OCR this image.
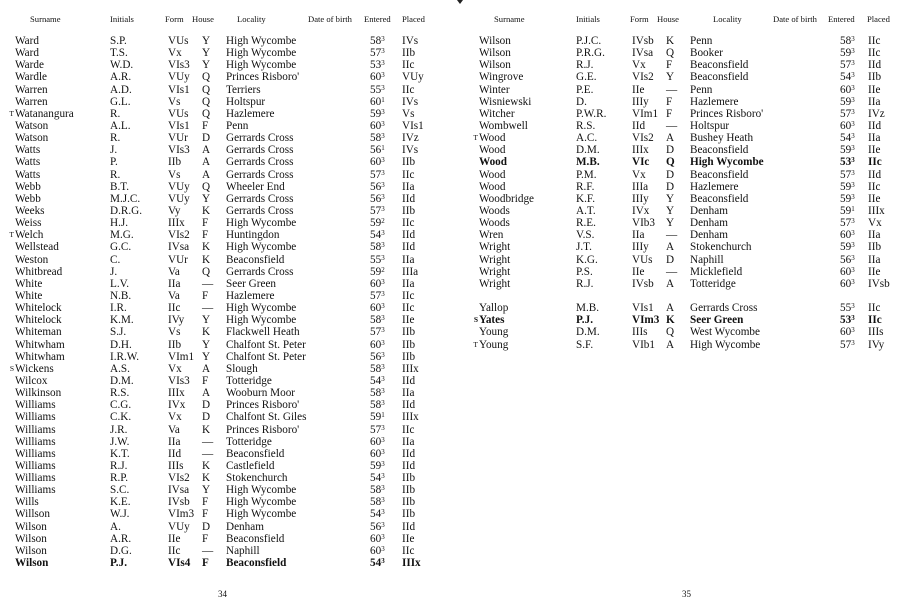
Surname	Initials	Form House	Locality	Date of birth Entered Placed
Ward	S.P.	VUs Y High Wycombe	$58^3$ IVs
Ward	T.S.	Vx Y High Wycombe	$57^3$ IIb
Warde	W.D.	VIs3 Y High Wycombe	$53^3$ IIc
Wardle	A.R.	VUy Q Princes Risboro'	$60^3$ VUy
Warren	A.D.	VIs1 Q Terriers	$55^3$ IIc
Warren	G.L.	Vs Q Holtspur	$60^1$ IVs
T Watanangura	R.	VUs Q Hazlemere	$59^3$ Vs
Watson	A.L.	VIs1 F Penn	$60^3$ VIs1
Watson	R.	VUr D Gerrards Cross	$58^3$ IVz
Watts	J.	VIs3 A Gerrards Cross	$56^1$ IVs
Watts	P.	IIb A Gerrards Cross	$60^3$ IIb
Watts	R.	Vs A Gerrards Cross	$57^3$ IIc
Webb	B.T.	VUy Q Wheeler End	$56^3$ IIa
Webb	M.J.C. VUy Y Gerrards Cross	$56^3$ IId
Weeks	D.R.G. Vy K Gerrards Cross	$57^3$ IIb
Weiss	H.J.	IIIx F High Wycombe	$59^2$ IIc
T Welch	M.G.	VIs2 F Huntingdon	$54^3$ IId
Wellstead	G.C.	IVsa K High Wycombe	$58^3$ IId
Weston	C.	VUr K Beaconsfield	$55^3$ IIa
Whitbread	J.	Va Q Gerrards Cross	$59^2$ IIIa
White	L.V.	IIa — Seer Green	$60^3$ IIa
White	N.B.	Va F Hazlemere	$57^3$ IIc
Whitelock	I.R.	IIc — High Wycombe	$60^3$ IIc
Whitelock	K.M.	IVy Y High Wycombe	$58^3$ IIe
Whiteman	S.J.	Vs K Flackwell Heath	$57^3$ IIb
Whitwham	D.H.	IIb Y Chalfont St. Peter	$60^3$ IIb
Whitwham	I.R.W.	VIm1 Y Chalfont St. Peter	$56^3$ IIb
S Wickens	A.S.	Vx A Slough	$58^3$ IIIx
Wilcox	D.M.	VIs3 F Totteridge	$54^3$ IId
Wilkinson	R.S.	IIIx A Wooburn Moor	$58^3$ IIa
Williams	C.G.	IVx D Princes Risboro'	$58^3$ IId
Williams	C.K.	Vx D Chalfont St. Giles	$59^1$ IIIx
Williams	J.R.	Va K Princes Risboro'	$57^3$ IIc
Williams	J.W.	IIa — Totteridge	$60^3$ IIa
Williams	K.T.	IId — Beaconsfield	$60^3$ IId
Williams	R.J.	IIIs K Castlefield	$59^3$ IId
Williams	R.P.	VIs2 K Stokenchurch	$54^3$ IIb
Williams	S.C.	IVsa Y High Wycombe	$58^3$ IIb
Wills	K.E.	IVsb F High Wycombe	$58^3$ IIb
Willson	W.J.	VIm3 F High Wycombe	$54^3$ IIb
Wilson	A.	VUy D Denham	$56^3$ IId
Wilson	A.R.	IIe F Beaconsfield	$60^3$ IIe
Wilson	D.G.	IIc — Naphill	$60^3$ IIc
Wilson	P.J.	VIs4 F Beaconsfield	$54^3$ IIIx
34
Surname	Initials	Form House	Locality	Date of birth Entered Placed
Wilson	P.J.C.	IVsb K Penn	$58^3$ IIc
Wilson	P.R.G. IVsa Q Booker	$59^3$ IIc
Wilson	R.J.	Vx F Beaconsfield	$57^3$ IId
Wingrove	G.E.	VIs2 Y Beaconsfield	$54^3$ IIb
Winter	P.E.	IIe — Penn	$60^3$ IIe
Wisniewski	D.	IIIy F Hazlemere	$59^3$ IIa
Witcher	P.W.R. VIm1 F Princes Risboro'	$57^3$ IVz
Wombwell	R.S.	IId — Holtspur	$60^3$ IId
T Wood	A.C.	VIs2 A Bushey Heath	$54^3$ IIa
Wood	D.M.	IIIx D Beaconsfield	$59^3$ IIe
Wood	M.B.	VIc Q High Wycombe	$53^3$ IIc
Wood	P.M.	Vx D Beaconsfield	$57^3$ IId
Wood	R.F.	IIIa D Hazlemere	$59^3$ IIc
Woodbridge	K.F.	IIIy Y Beaconsfield	$59^3$ IIe
Woods	A.T.	IVx Y Denham	$59^1$ IIIx
Woods	R.E.	VIb3 Y Denham	$57^3$ Vx
Wren	V.S.	IIa — Denham	$60^3$ IIa
Wright	J.T.	IIIy A Stokenchurch	$59^3$ IIb
Wright	K.G.	VUs D Naphill	$56^3$ IIa
Wright	P.S.	IIe — Micklefield	$60^3$ IIe
Wright	R.J.	IVsb A Totteridge	$60^3$ IVsb
Yallop	M.B.	VIs1 A Gerrards Cross	$55^3$ IIc
S Yates	P.J.	VIm3 K Seer Green	$53^3$ IIc
Young	D.M.	IIIs Q West Wycombe	$60^3$ IIIs
T Young	S.F.	VIb1 A High Wycombe	$57^3$ IVy
35
